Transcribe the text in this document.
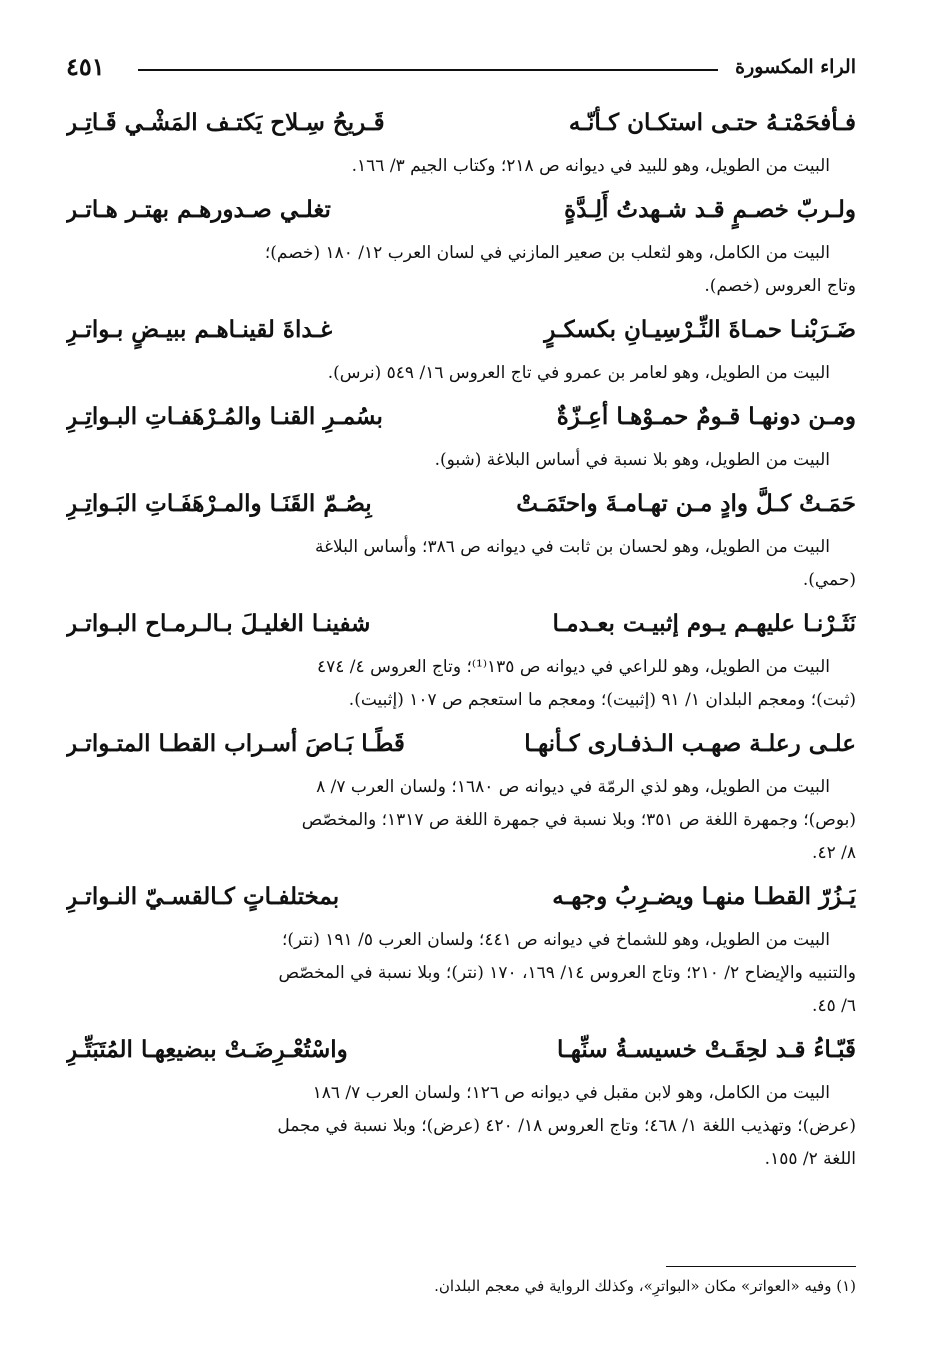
الراء المكسورة
٤٥١
فـأفحَمْتـهُ حتـى استكـان كـأنّـه
قَـريحُ سِـلاح يَكتـف المَشْـي قَـاتِـر
البيت من الطويل، وهو للبيد في ديوانه ص ٢١٨؛ وكتاب الجيم ٣/ ١٦٦.
ولـربّ خصـمٍ قـد شـهدتُ أَلِـدَّةٍ
تغلـي صـدورهـم بهتـر هـاتـر
البيت من الكامل، وهو لثعلب بن صعير المازني في لسان العرب ١٢/ ١٨٠ (خصم)؛
وتاج العروس (خصم).
ضَـرَبْنـا حمـاةَ النِّـرْسِيـانِ بكسكـرٍ
غـداةَ لقينـاهـم ببيـضٍ بـواتـرِ
البيت من الطويل، وهو لعامر بن عمرو في تاج العروس ١٦/ ٥٤٩ (نرس).
ومـن دونهـا قـومٌ حمـوْهـا أعِـزّةٌ
بسُمـرِ القنـا والمُـرْهَفـاتِ البـواتِـرِ
البيت من الطويل، وهو بلا نسبة في أساس البلاغة (شبو).
حَمَـتْ كـلَّ وادٍ مـن تهـامـةَ واحتَمَـتْ
بِصُـمّ القَنَـا والمـرْهَفَـاتِ البَـواتِـرِ
البيت من الطويل، وهو لحسان بن ثابت في ديوانه ص ٣٨٦؛ وأساس البلاغة
(حمي).
نَثَـرْنـا عليهـم يـوم إثبيـت بعـدمـا
شفينـا الغليـلَ بـالـرمـاح البـواتـر
البيت من الطويل، وهو للراعي في ديوانه ص ١٣٥⁽¹⁾؛ وتاج العروس ٤/ ٤٧٤
(ثبت)؛ ومعجم البلدان ١/ ٩١ (إثبيت)؛ ومعجم ما استعجم ص ١٠٧ (إثبيت).
علـى رعلـة صهـب الـذفـارى كـأنهـا
قَطًـا بَـاصَ أسـراب القطـا المتـواتـر
البيت من الطويل، وهو لذي الرمّة في ديوانه ص ١٦٨٠؛ ولسان العرب ٧/ ٨
(بوص)؛ وجمهرة اللغة ص ٣٥١؛ وبلا نسبة في جمهرة اللغة ص ١٣١٧؛ والمخصّص
٨/ ٤٢.
يَـزُرّ القطـا منهـا ويضـرِبُ وجهـه
بمختلفـاتٍ كـالقسـيّ النـواتـرِ
البيت من الطويل، وهو للشماخ في ديوانه ص ٤٤١؛ ولسان العرب ٥/ ١٩١ (نتر)؛
والتنبيه والإيضاح ٢/ ٢١٠؛ وتاج العروس ١٤/ ١٦٩، ١٧٠ (نتر)؛ وبلا نسبة في المخصّص
٦/ ٤٥.
قَبّـاءُ قـد لحِقَـتْ خسيسـةُ سنِّهـا
واسْتُعْـرِضَـتْ ببضيعِهـا المُتَبَتِّـرِ
البيت من الكامل، وهو لابن مقبل في ديوانه ص ١٢٦؛ ولسان العرب ٧/ ١٨٦
(عرض)؛ وتهذيب اللغة ١/ ٤٦٨؛ وتاج العروس ١٨/ ٤٢٠ (عرض)؛ وبلا نسبة في مجمل
اللغة ٢/ ١٥٥.
(١) وفيه «العواتر» مكان «البواترِ»، وكذلك الرواية في معجم البلدان.
